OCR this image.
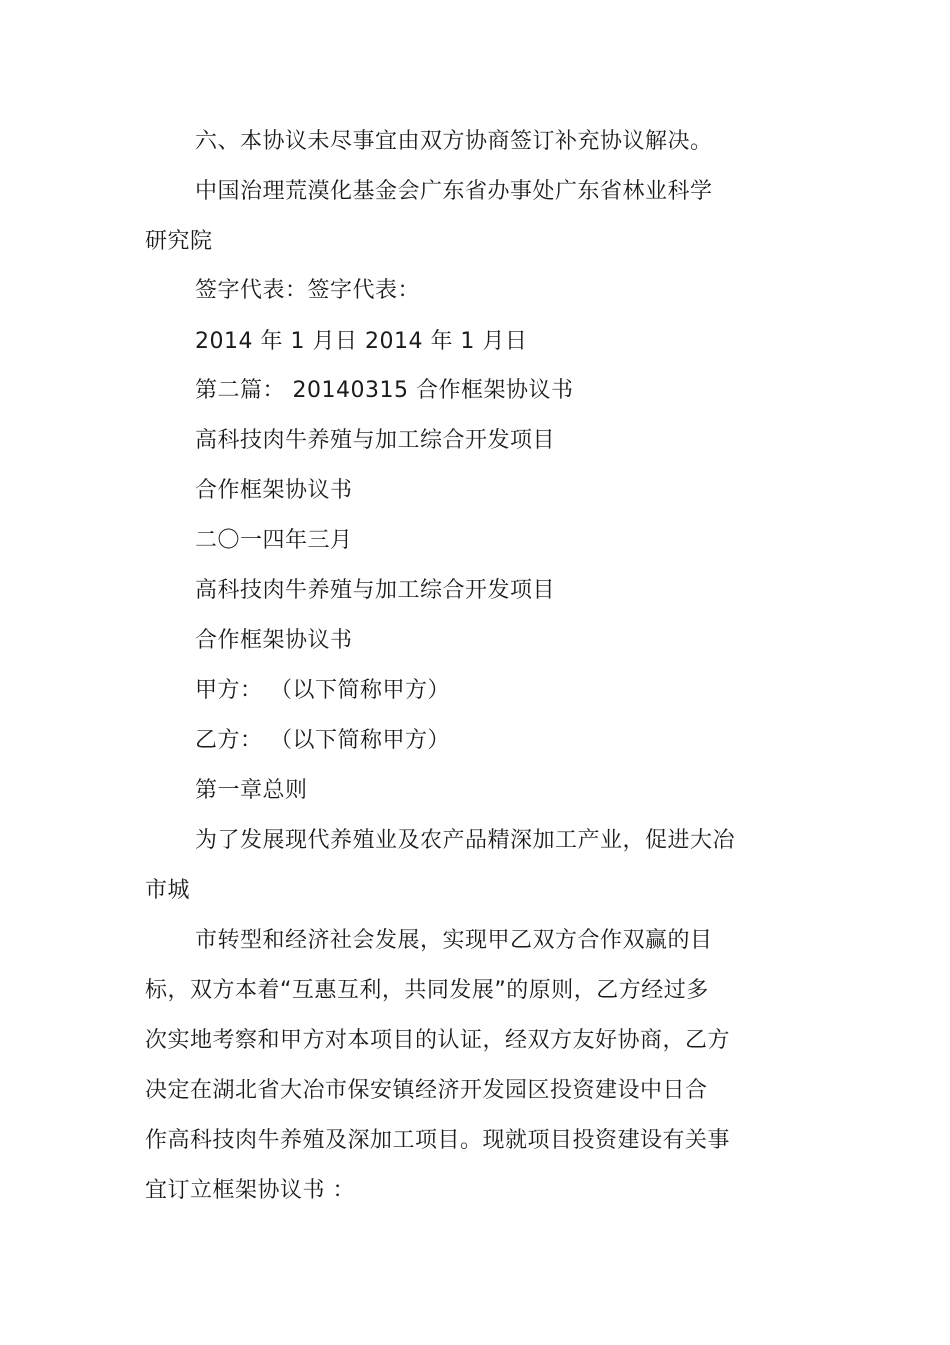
六、本协议未尽事宜由双方协商签订补充协议解决。
中国治理荒漠化基金会广东省办事处广东省林业科学
研究院
签字代表：签字代表：
2014 年 1 月日 2014 年 1 月日
第二篇： 20140315 合作框架协议书
高科技肉牛养殖与加工综合开发项目
合作框架协议书
二〇一四年三月
高科技肉牛养殖与加工综合开发项目
合作框架协议书
甲方： （以下简称甲方）
乙方： （以下简称甲方）
第一章总则
为了发展现代养殖业及农产品精深加工产业，促进大冶
市城
市转型和经济社会发展，实现甲乙双方合作双赢的目
标，双方本着“互惠互利，共同发展”的原则，乙方经过多
次实地考察和甲方对本项目的认证，经双方友好协商，乙方
决定在湖北省大冶市保安镇经济开发园区投资建设中日合
作高科技肉牛养殖及深加工项目。现就项目投资建设有关事
宜订立框架协议书 ：
